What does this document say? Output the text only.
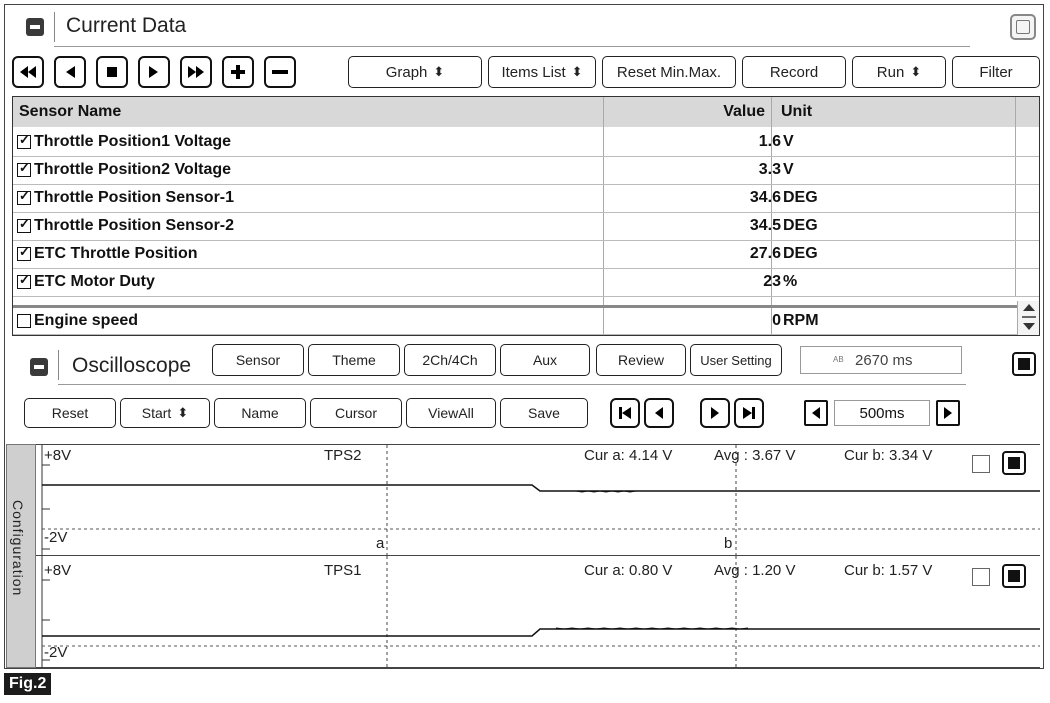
Current Data
Graph
⬍	Items List
⬍	Reset Min.Max.	Record	Run
⬍	Filter
Sensor Name	Value	Unit
✓
Throttle Position1 Voltage	1.6 V
✓
Throttle Position2 Voltage	3.3 V
✓
Throttle Position Sensor-1	34.6 DEG
✓
Throttle Position Sensor-2	34.5 DEG
✓
ETC Throttle Position	27.6 DEG
✓
ETC Motor Duty	23 %
Engine speed	0 RPM
Oscilloscope	Sensor	Theme	2Ch/4Ch	Aux	Review	User Setting	AB 2670 ms
Reset	Start
⬍	Name	Cursor	ViewAll	Save	500ms
Configuration
+8V
-2V
TPS2	Cur a: 4.14 V	Avg : 3.67 V	Cur b: 3.34 V
a	b
+8V
-2V
TPS1	Cur a: 0.80 V	Avg : 1.20 V	Cur b: 1.57 V
Fig.2
